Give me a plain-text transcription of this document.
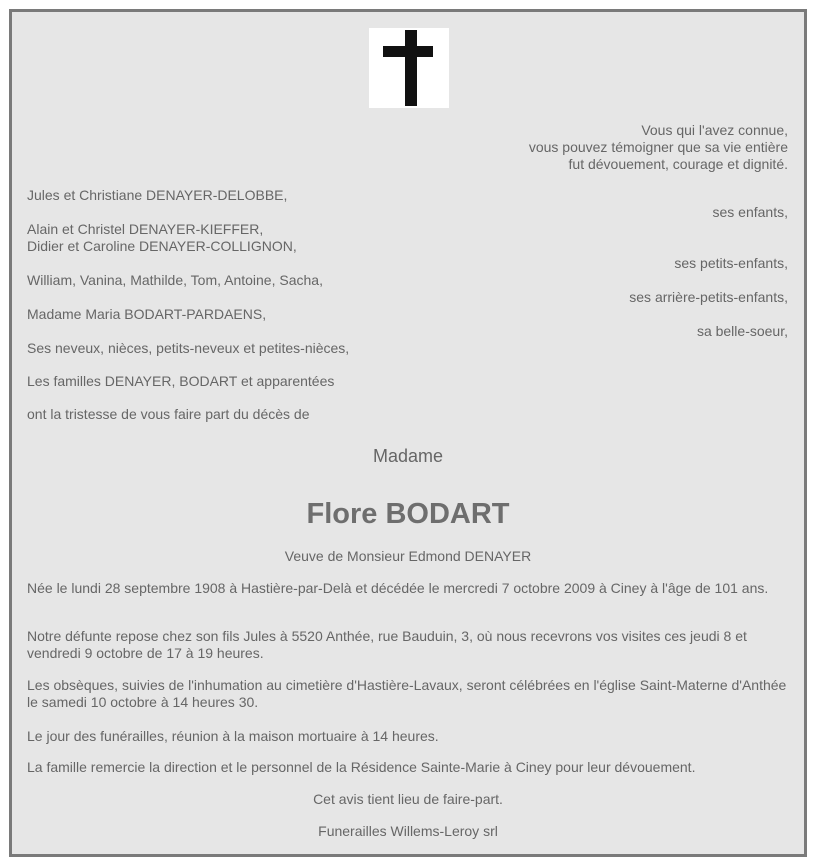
Vous qui l'avez connue,
vous pouvez témoigner que sa vie entière
fut dévouement, courage et dignité.
Jules et Christiane DENAYER-DELOBBE,
ses enfants,
Alain et Christel DENAYER-KIEFFER,
Didier et Caroline DENAYER-COLLIGNON,
ses petits-enfants,
William, Vanina, Mathilde, Tom, Antoine, Sacha,
ses arrière-petits-enfants,
Madame Maria BODART-PARDAENS,
sa belle-soeur,
Ses neveux, nièces, petits-neveux et petites-nièces,
Les familles DENAYER, BODART et apparentées
ont la tristesse de vous faire part du décès de
Madame
Flore BODART
Veuve de Monsieur Edmond DENAYER
Née le lundi 28 septembre 1908 à Hastière-par-Delà et décédée le mercredi 7 octobre 2009 à Ciney à l'âge de 101 ans.
Notre défunte repose chez son fils Jules à 5520 Anthée, rue Bauduin, 3, où nous recevrons vos visites ces jeudi 8 et vendredi 9 octobre de 17 à 19 heures.
Les obsèques, suivies de l'inhumation au cimetière d'Hastière-Lavaux, seront célébrées en l'église Saint-Materne d'Anthée le samedi 10 octobre à 14 heures 30.
Le jour des funérailles, réunion à la maison mortuaire à 14 heures.
La famille remercie la direction et le personnel de la Résidence Sainte-Marie à Ciney pour leur dévouement.
Cet avis tient lieu de faire-part.
Funerailles Willems-Leroy srl
